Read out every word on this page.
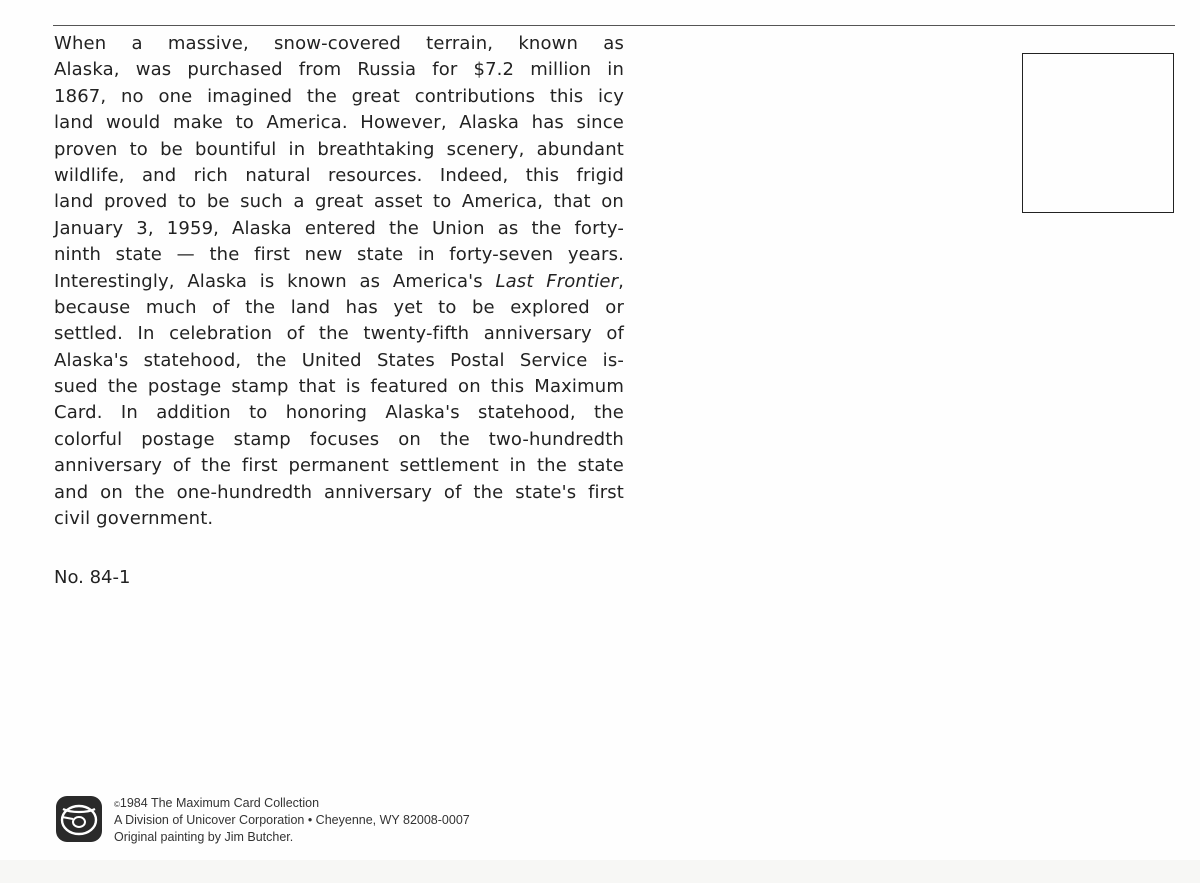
When a massive, snow-covered terrain, known as
Alaska, was purchased from Russia for $7.2 million in
1867, no one imagined the great contributions this icy
land would make to America. However, Alaska has since
proven to be bountiful in breathtaking scenery, abundant
wildlife, and rich natural resources. Indeed, this frigid
land proved to be such a great asset to America, that on
January 3, 1959, Alaska entered the Union as the forty-
ninth state — the first new state in forty-seven years.
Interestingly, Alaska is known as America's Last Frontier,
because much of the land has yet to be explored or
settled. In celebration of the twenty-fifth anniversary of
Alaska's statehood, the United States Postal Service is-
sued the postage stamp that is featured on this Maximum
Card. In addition to honoring Alaska's statehood, the
colorful postage stamp focuses on the two-hundredth
anniversary of the first permanent settlement in the state
and on the one-hundredth anniversary of the state's first
civil government.
No. 84-1
©1984 The Maximum Card Collection
A Division of Unicover Corporation • Cheyenne, WY 82008-0007
Original painting by Jim Butcher.
